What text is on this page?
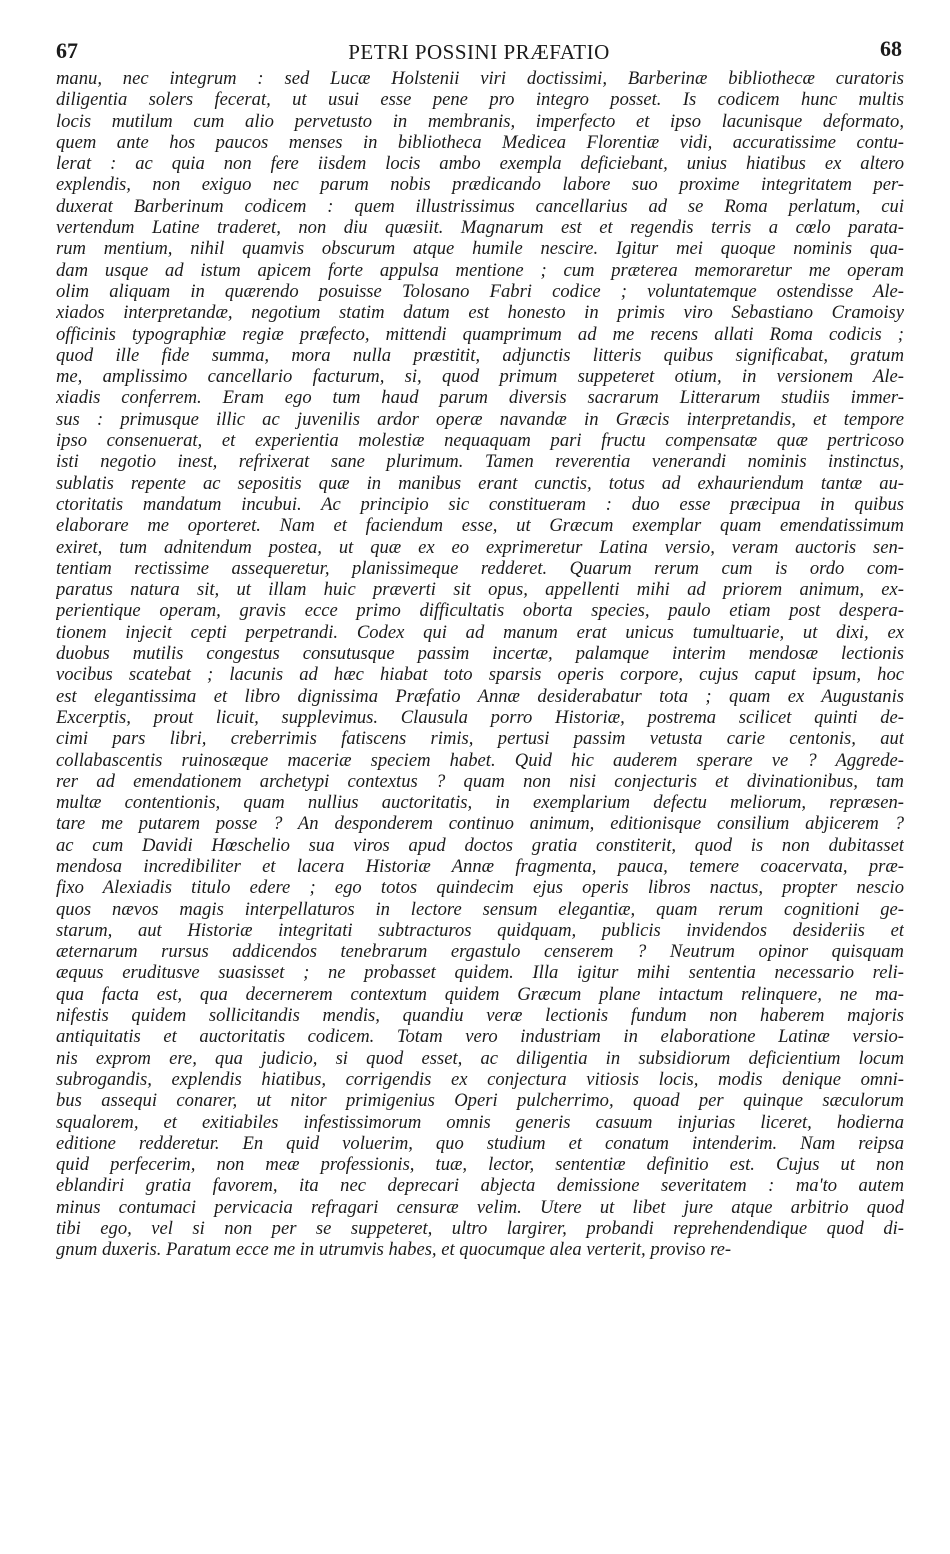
67	PETRI POSSINI PRÆFATIO	68
manu, nec integrum : sed Lucæ Holstenii viri doctissimi, Barberinæ bibliothecæ curatoris
diligentia solers fecerat, ut usui esse pene pro integro posset. Is codicem hunc multis
locis mutilum cum alio pervetusto in membranis, imperfecto et ipso lacunisque deformato,
quem ante hos paucos menses in bibliotheca Medicea Florentiæ vidi, accuratissime contu-
lerat : ac quia non fere iisdem locis ambo exempla deficiebant, unius hiatibus ex altero
explendis, non exiguo nec parum nobis prædicando labore suo proxime integritatem per-
duxerat Barberinum codicem : quem illustrissimus cancellarius ad se Roma perlatum, cui
vertendum Latine traderet, non diu quæsiit. Magnarum est et regendis terris a cœlo parata-
rum mentium, nihil quamvis obscurum atque humile nescire. Igitur mei quoque nominis qua-
dam usque ad istum apicem forte appulsa mentione ; cum præterea memoraretur me operam
olim aliquam in quærendo posuisse Tolosano Fabri codice ; voluntatemque ostendisse Ale-
xiados interpretandæ, negotium statim datum est honesto in primis viro Sebastiano Cramoisy
officinis typographiæ regiæ præfecto, mittendi quamprimum ad me recens allati Roma codicis ;
quod ille fide summa, mora nulla præstitit, adjunctis litteris quibus significabat, gratum
me, amplissimo cancellario facturum, si, quod primum suppeteret otium, in versionem Ale-
xiadis conferrem. Eram ego tum haud parum diversis sacrarum Litterarum studiis immer-
sus : primusque illic ac juvenilis ardor operæ navandæ in Græcis interpretandis, et tempore
ipso consenuerat, et experientia molestiæ nequaquam pari fructu compensatæ quæ pertricoso
isti negotio inest, refrixerat sane plurimum. Tamen reverentia venerandi nominis instinctus,
sublatis repente ac sepositis quæ in manibus erant cunctis, totus ad exhauriendum tantæ au-
ctoritatis mandatum incubui. Ac principio sic constitueram : duo esse præcipua in quibus
elaborare me oporteret. Nam et faciendum esse, ut Græcum exemplar quam emendatissimum
exiret, tum adnitendum postea, ut quæ ex eo exprimeretur Latina versio, veram auctoris sen-
tentiam rectissime assequeretur, planissimeque redderet. Quarum rerum cum is ordo com-
paratus natura sit, ut illam huic præverti sit opus, appellenti mihi ad priorem animum, ex-
perientique operam, gravis ecce primo difficultatis oborta species, paulo etiam post despera-
tionem injecit cepti perpetrandi. Codex qui ad manum erat unicus tumultuarie, ut dixi, ex
duobus mutilis congestus consutusque passim incertæ, palamque interim mendosæ lectionis
vocibus scatebat ; lacunis ad hæc hiabat toto sparsis operis corpore, cujus caput ipsum, hoc
est elegantissima et libro dignissima Præfatio Annæ desiderabatur tota ; quam ex Augustanis
Excerptis, prout licuit, supplevimus. Clausula porro Historiæ, postrema scilicet quinti de-
cimi pars libri, creberrimis fatiscens rimis, pertusi passim vetusta carie centonis, aut
collabascentis ruinosæque maceriæ speciem habet. Quid hic auderem sperare ve ? Aggrede-
rer ad emendationem archetypi contextus ? quam non nisi conjecturis et divinationibus, tam
multæ contentionis, quam nullius auctoritatis, in exemplarium defectu meliorum, repræsen-
tare me putarem posse ? An desponderem continuo animum, editionisque consilium abjicerem ?
ac cum Davidi Hœschelio sua viros apud doctos gratia constiterit, quod is non dubitasset
mendosa incredibiliter et lacera Historiæ Annæ fragmenta, pauca, temere coacervata, præ-
fixo Alexiadis titulo edere ; ego totos quindecim ejus operis libros nactus, propter nescio
quos nævos magis interpellaturos in lectore sensum elegantiæ, quam rerum cognitioni ge-
starum, aut Historiæ integritati subtracturos quidquam, publicis invidendos desideriis et
æternarum rursus addicendos tenebrarum ergastulo censerem ? Neutrum opinor quisquam
æquus eruditusve suasisset ; ne probasset quidem. Illa igitur mihi sententia necessario reli-
qua facta est, qua decernerem contextum quidem Græcum plane intactum relinquere, ne ma-
nifestis quidem sollicitandis mendis, quandiu veræ lectionis fundum non haberem majoris
antiquitatis et auctoritatis codicem. Totam vero industriam in elaboratione Latinæ versio-
nis exprom ere, qua judicio, si quod esset, ac diligentia in subsidiorum deficientium locum
subrogandis, explendis hiatibus, corrigendis ex conjectura vitiosis locis, modis denique omni-
bus assequi conarer, ut nitor primigenius Operi pulcherrimo, quoad per quinque sæculorum
squalorem, et exitiabiles infestissimorum omnis generis casuum injurias liceret, hodierna
editione redderetur. En quid voluerim, quo studium et conatum intenderim. Nam reipsa
quid perfecerim, non meæ professionis, tuæ, lector, sententiæ definitio est. Cujus ut non
eblandiri gratia favorem, ita nec deprecari abjecta demissione severitatem : ma'to autem
minus contumaci pervicacia refragari censuræ velim. Utere ut libet jure atque arbitrio quod
tibi ego, vel si non per se suppeteret, ultro largirer, probandi reprehendendique quod di-
gnum duxeris. Paratum ecce me in utrumvis habes, et quocumque alea verterit, proviso re-
